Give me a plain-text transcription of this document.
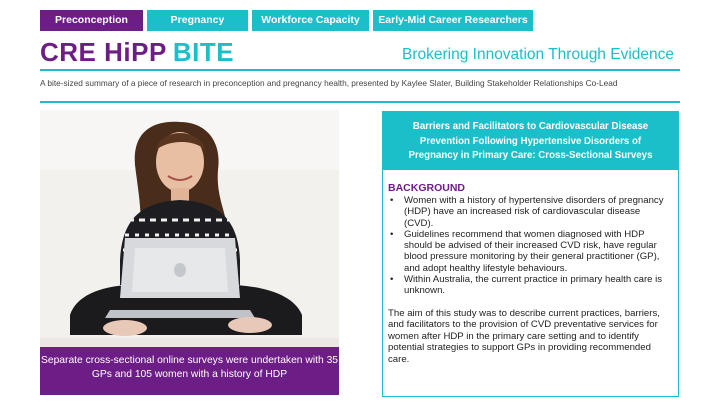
Preconception	Pregnancy	Workforce Capacity	Early-Mid Career Researchers
CRE HiPP BITE	Brokering Innovation Through Evidence
A bite-sized summary of a piece of research in preconception and pregnancy health, presented by Kaylee Slater, Building Stakeholder Relationships Co-Lead
Separate cross-sectional online surveys were undertaken with 35 GPs and 105 women with a history of HDP
Barriers and Facilitators to Cardiovascular Disease Prevention Following Hypertensive Disorders of Pregnancy in Primary Care: Cross-Sectional Surveys
BACKGROUND
• Women with a history of hypertensive disorders of pregnancy (HDP) have an increased risk of cardiovascular disease (CVD).
• Guidelines recommend that women diagnosed with HDP should be advised of their increased CVD risk, have regular blood pressure monitoring by their general practitioner (GP), and adopt healthy lifestyle behaviours.
• Within Australia, the current practice in primary health care is unknown.

The aim of this study was to describe current practices, barriers, and facilitators to the provision of CVD preventative services for women after HDP in the primary care setting and to identify potential strategies to support GPs in providing recommended care.
